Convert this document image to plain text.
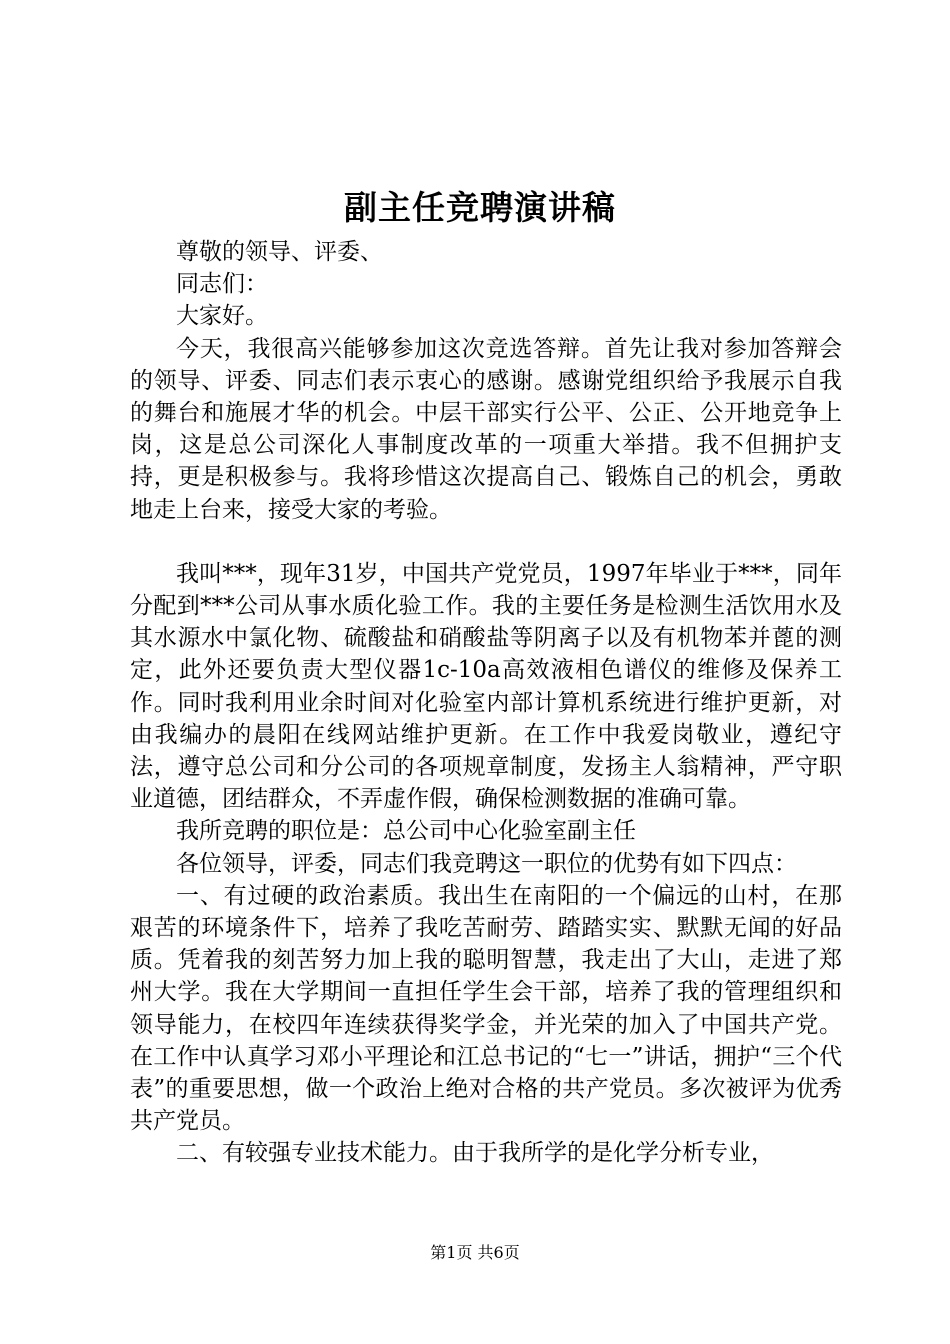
副主任竞聘演讲稿

尊敬的领导、评委、

同志们：

大家好。

今天，我很高兴能够参加这次竞选答辩。首先让我对参加答辩会的领导、评委、同志们表示衷心的感谢。感谢党组织给予我展示自我的舞台和施展才华的机会。中层干部实行公平、公正、公开地竞争上岗，这是总公司深化人事制度改革的一项重大举措。我不但拥护支持，更是积极参与。我将珍惜这次提高自己、锻炼自己的机会，勇敢地走上台来，接受大家的考验。

我叫***，现年31岁，中国共产党党员，1997年毕业于***，同年分配到***公司从事水质化验工作。我的主要任务是检测生活饮用水及其水源水中氯化物、硫酸盐和硝酸盐等阴离子以及有机物苯并蓖的测定，此外还要负责大型仪器1c-10a高效液相色谱仪的维修及保养工作。同时我利用业余时间对化验室内部计算机系统进行维护更新，对由我编办的晨阳在线网站维护更新。在工作中我爱岗敬业，遵纪守法，遵守总公司和分公司的各项规章制度，发扬主人翁精神，严守职业道德，团结群众，不弄虚作假，确保检测数据的准确可靠。

我所竞聘的职位是：总公司中心化验室副主任

各位领导，评委，同志们我竞聘这一职位的优势有如下四点：

一、有过硬的政治素质。我出生在南阳的一个偏远的山村，在那艰苦的环境条件下，培养了我吃苦耐劳、踏踏实实、默默无闻的好品质。凭着我的刻苦努力加上我的聪明智慧，我走出了大山，走进了郑州大学。我在大学期间一直担任学生会干部，培养了我的管理组织和领导能力，在校四年连续获得奖学金，并光荣的加入了中国共产党。在工作中认真学习邓小平理论和江总书记的“七一”讲话，拥护“三个代表”的重要思想，做一个政治上绝对合格的共产党员。多次被评为优秀共产党员。

二、有较强专业技术能力。由于我所学的是化学分析专业，

第1页 共6页
